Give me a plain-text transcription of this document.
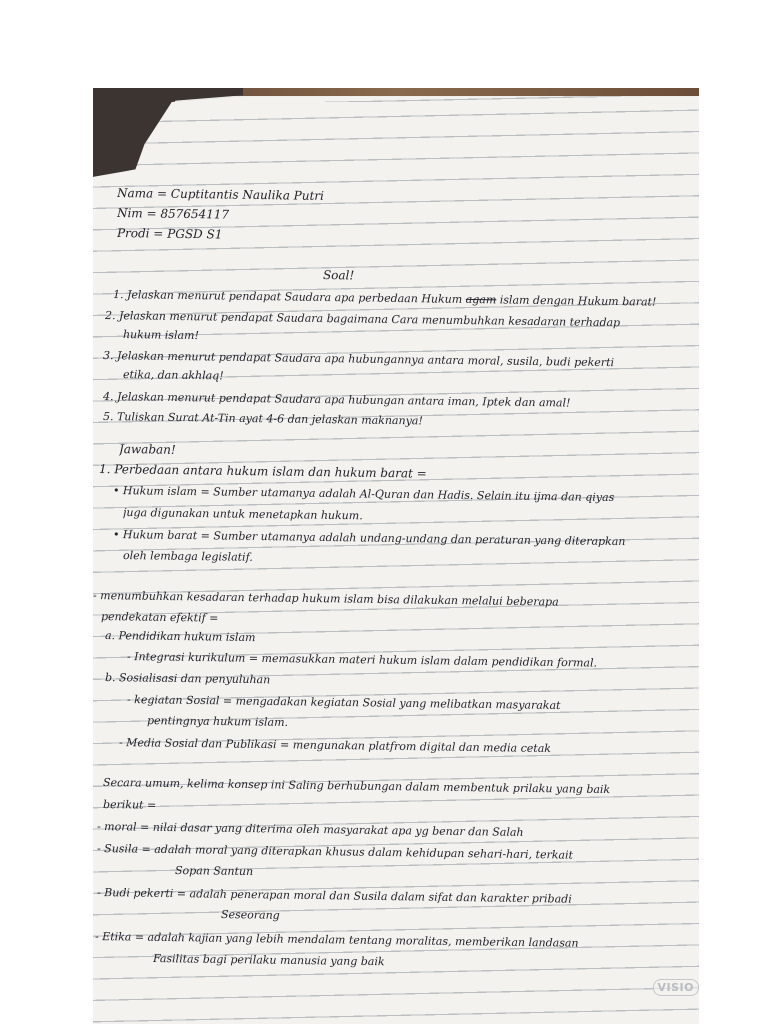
Nama = Cuptitantis Naulika Putri
Nim = 857654117
Prodi = PGSD S1
Soal!
1. Jelaskan menurut pendapat Saudara apa perbedaan Hukum agam islam dengan Hukum barat!
2. Jelaskan menurut pendapat Saudara bagaimana Cara menumbuhkan kesadaran terhadap
hukum islam!
3. Jelaskan menurut pendapat Saudara apa hubungannya antara moral, susila, budi pekerti
etika, dan akhlaq!
4. Jelaskan menurut pendapat Saudara apa hubungan antara iman, Iptek dan amal!
5. Tuliskan Surat At-Tin ayat 4-6 dan jelaskan maknanya!
Jawaban!
1. Perbedaan antara hukum islam dan hukum barat =
• Hukum islam = Sumber utamanya adalah Al-Quran dan Hadis. Selain itu ijma dan qiyas
juga digunakan untuk menetapkan hukum.
• Hukum barat = Sumber utamanya adalah undang-undang dan peraturan yang diterapkan
oleh lembaga legislatif.
- menumbuhkan kesadaran terhadap hukum islam bisa dilakukan melalui beberapa
pendekatan efektif =
a. Pendidikan hukum islam
- Integrasi kurikulum = memasukkan materi hukum islam dalam pendidikan formal.
b. Sosialisasi dan penyuluhan
- kegiatan Sosial = mengadakan kegiatan Sosial yang melibatkan masyarakat
pentingnya hukum islam.
- Media Sosial dan Publikasi = mengunakan platfrom digital dan media cetak
Secara umum, kelima konsep ini Saling berhubungan dalam membentuk prilaku yang baik
berikut =
- moral = nilai dasar yang diterima oleh masyarakat apa yg benar dan Salah
- Susila = adalah moral yang diterapkan khusus dalam kehidupan sehari-hari, terkait
Sopan Santun
- Budi pekerti = adalah penerapan moral dan Susila dalam sifat dan karakter pribadi
Seseorang
- Etika = adalah kajian yang lebih mendalam tentang moralitas, memberikan landasan
Fasilitas bagi perilaku manusia yang baik
VISIO
